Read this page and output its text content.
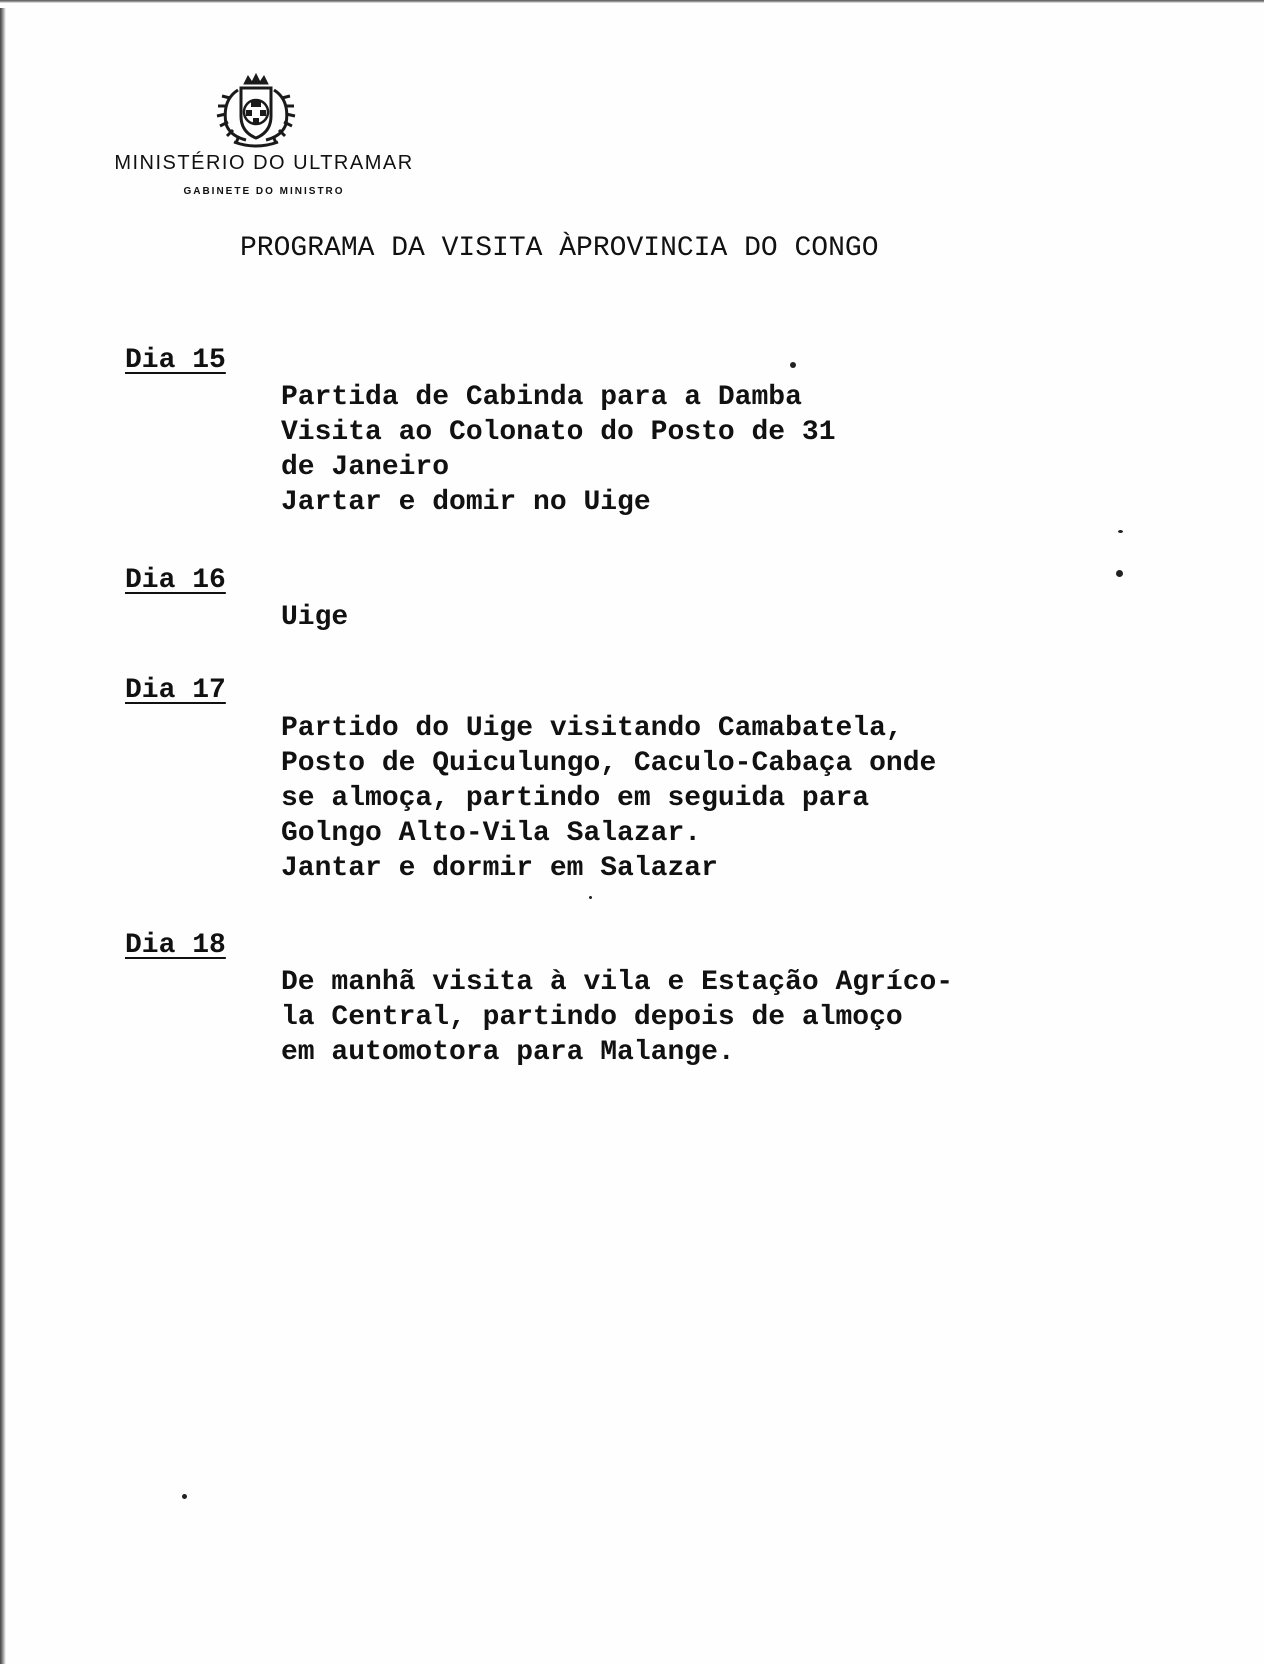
MINISTÉRIO DO ULTRAMAR
GABINETE DO MINISTRO
PROGRAMA DA VISITA ÀPROVINCIA DO CONGO
Dia 15
Partida de Cabinda para a Damba
Visita ao Colonato do Posto de 31
de Janeiro
Jartar e domir no Uige
Dia 16
Uige
Dia 17
Partido do Uige visitando Camabatela,
Posto de Quiculungo, Caculo-Cabaça onde
se almoça, partindo em seguida para
Golngo Alto-Vila Salazar.
Jantar e dormir em Salazar
Dia 18
De manhã visita à vila e Estação Agríco-
la Central, partindo depois de almoço
em automotora para Malange.
